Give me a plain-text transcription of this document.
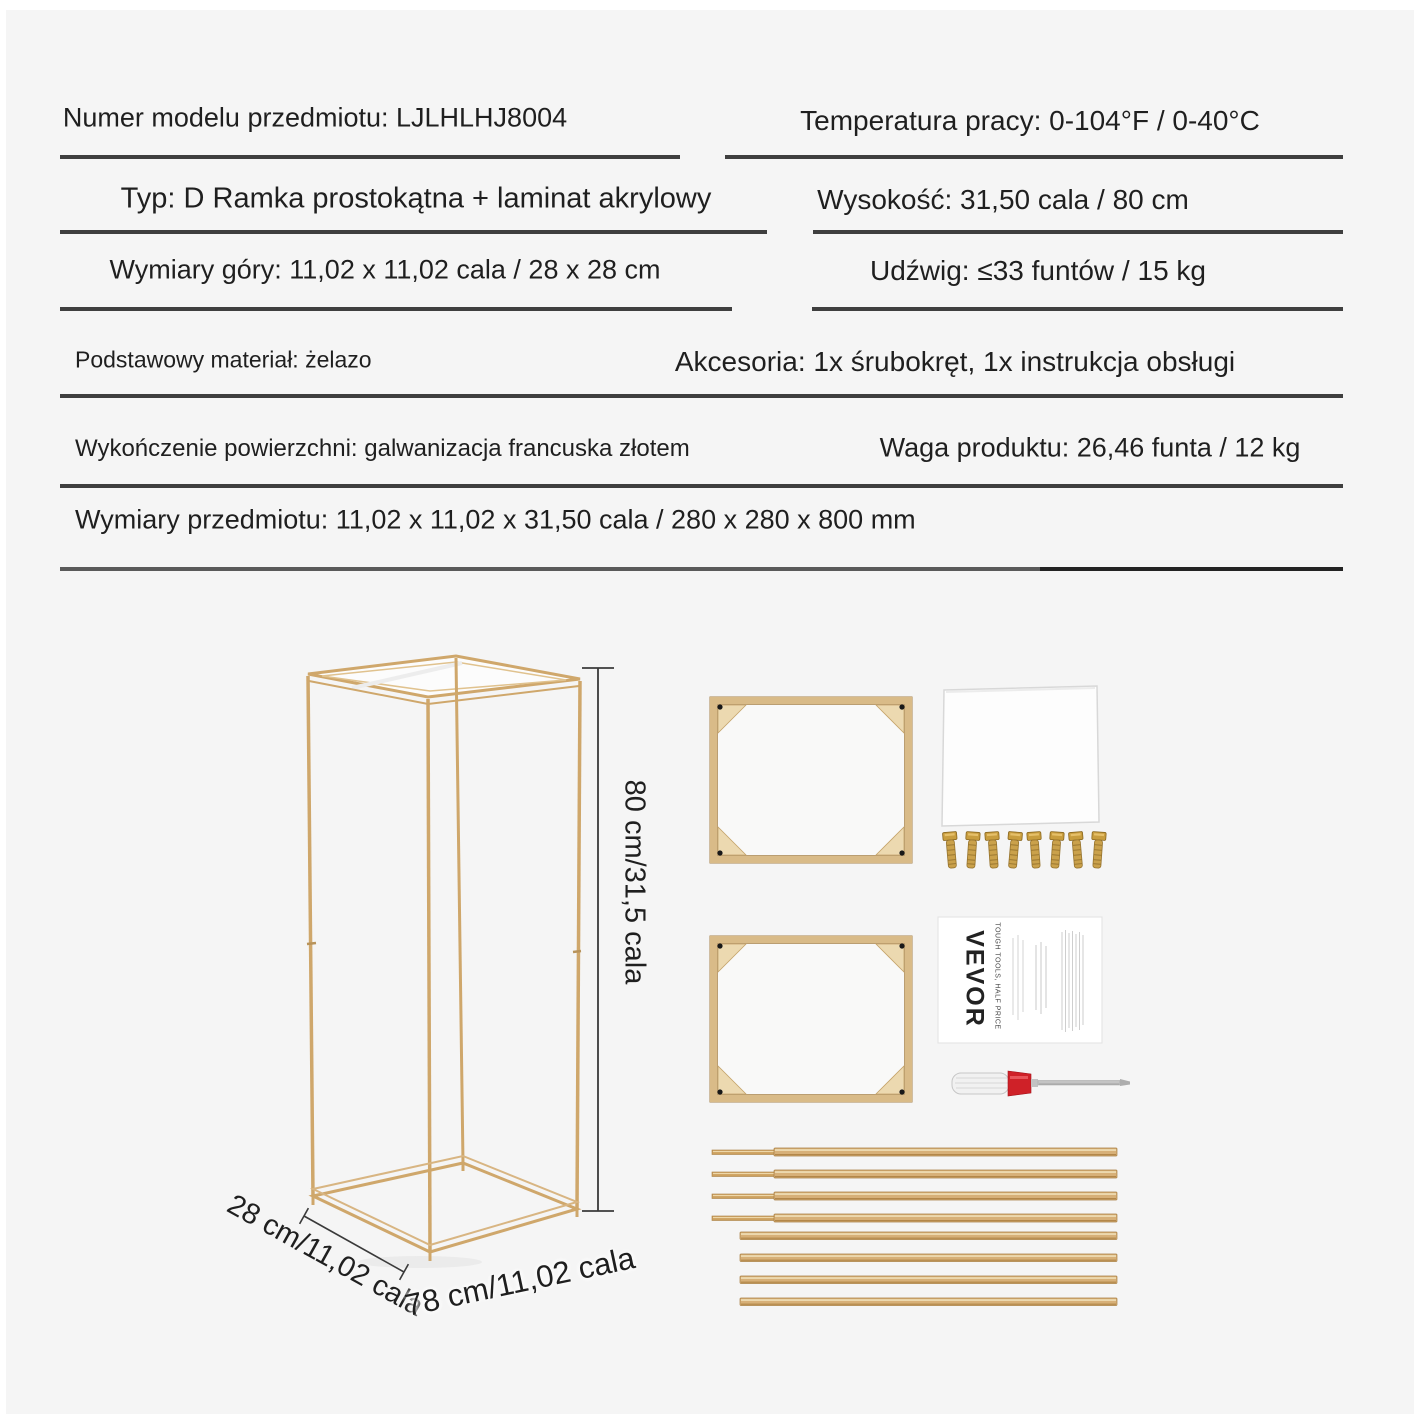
Numer modelu przedmiotu: LJLHLHJ8004	Temperatura pracy: 0-104°F / 0-40°C
Typ: D Ramka prostokątna + laminat akrylowy	Wysokość: 31,50 cala / 80 cm
Wymiary góry: 11,02 x 11,02 cala / 28 x 28 cm	Udźwig: ≤33 funtów / 15 kg
Podstawowy materiał: żelazo	Akcesoria: 1x śrubokręt, 1x instrukcja obsługi
Wykończenie powierzchni: galwanizacja francuska złotem	Waga produktu: 26,46 funta / 12 kg
Wymiary przedmiotu: 11,02 x 11,02 x 31,50 cala / 280 x 280 x 800 mm
80 cm/31,5 cala
28 cm/11,02 cala
78 cm/11,02 cala
VEVOR TOUGH TOOLS, HALF PRICE
